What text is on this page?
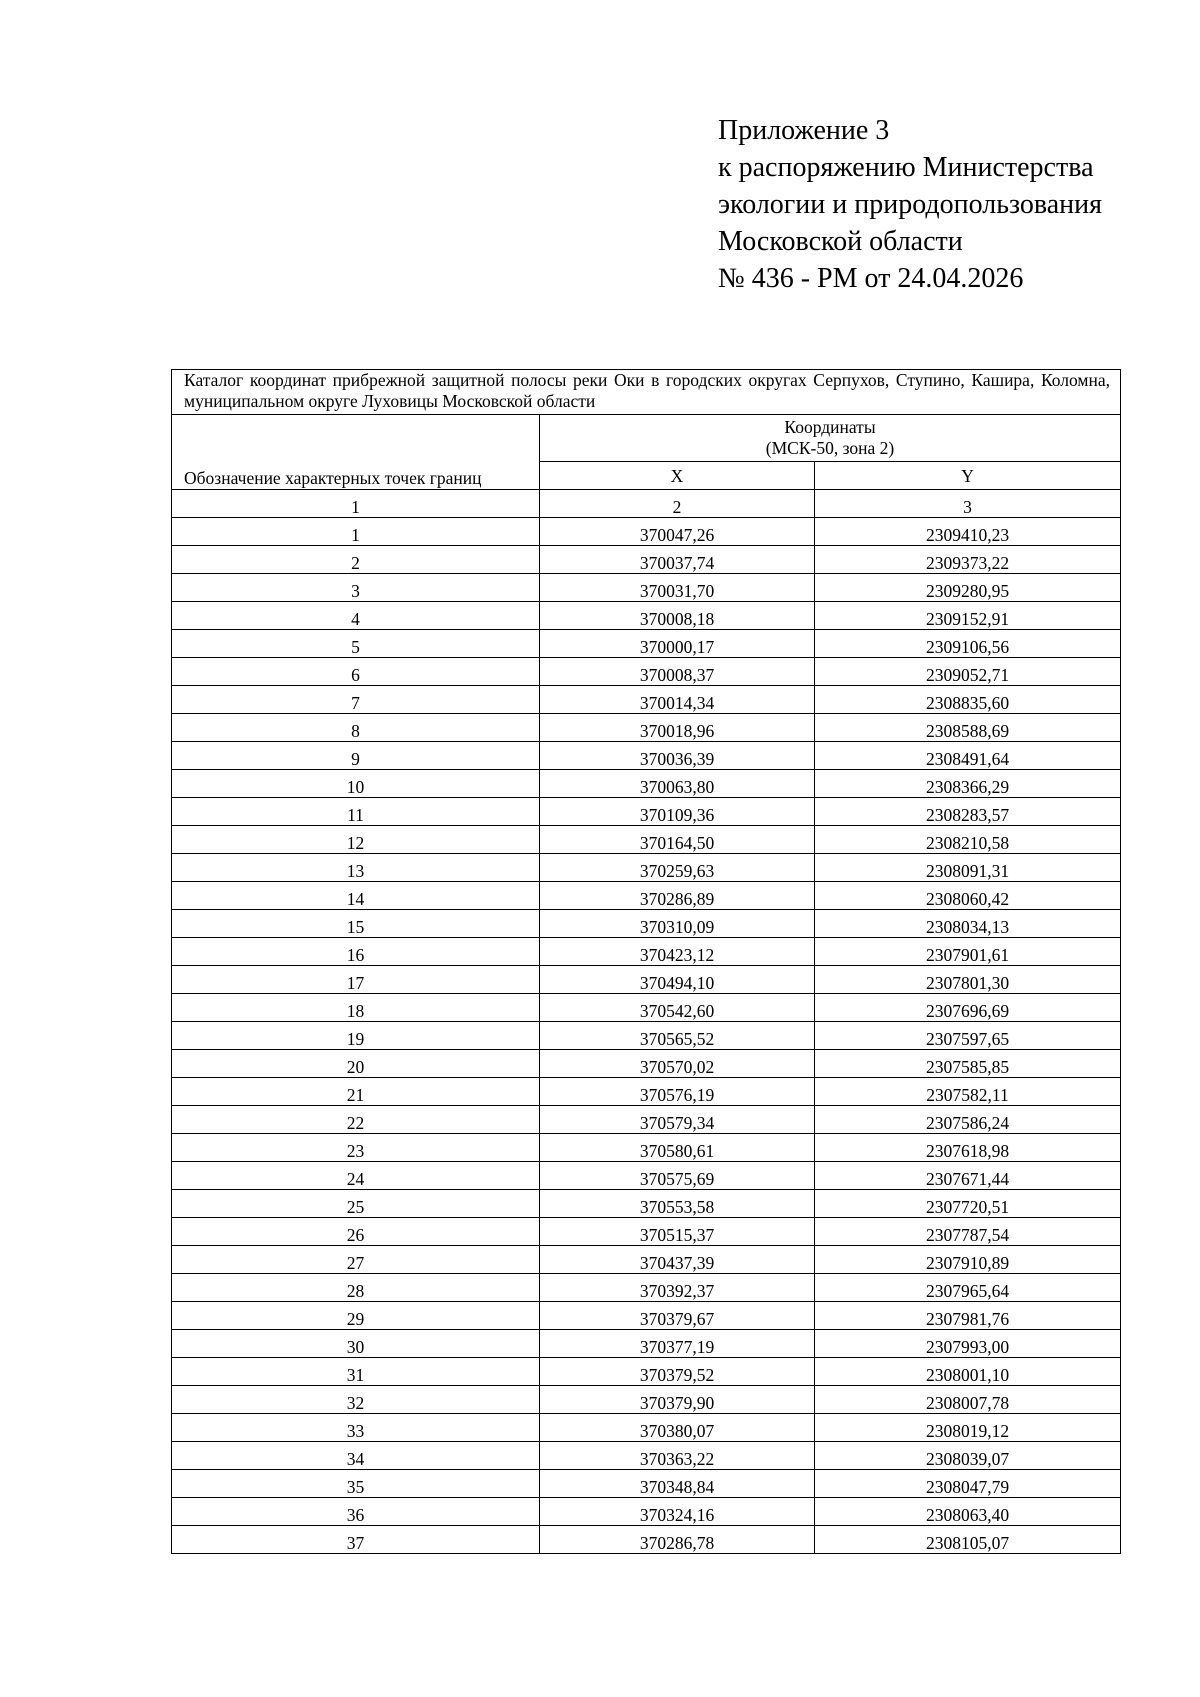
Приложение 3
к распоряжению Министерства
экологии и природопользования
Московской области
№ 436 - РМ от 24.04.2026
Каталог координат прибрежной защитной полосы реки Оки в городских округах Серпухов, Ступино, Кашира, Коломна, муниципальном округе Луховицы Московской области		
Обозначение характерных точек границ	Координаты
(МСК-50, зона 2)	

	X	Y
1	2	3
1	370047,26	2309410,23
2	370037,74	2309373,22
3	370031,70	2309280,95
4	370008,18	2309152,91
5	370000,17	2309106,56
6	370008,37	2309052,71
7	370014,34	2308835,60
8	370018,96	2308588,69
9	370036,39	2308491,64
10	370063,80	2308366,29
11	370109,36	2308283,57
12	370164,50	2308210,58
13	370259,63	2308091,31
14	370286,89	2308060,42
15	370310,09	2308034,13
16	370423,12	2307901,61
17	370494,10	2307801,30
18	370542,60	2307696,69
19	370565,52	2307597,65
20	370570,02	2307585,85
21	370576,19	2307582,11
22	370579,34	2307586,24
23	370580,61	2307618,98
24	370575,69	2307671,44
25	370553,58	2307720,51
26	370515,37	2307787,54
27	370437,39	2307910,89
28	370392,37	2307965,64
29	370379,67	2307981,76
30	370377,19	2307993,00
31	370379,52	2308001,10
32	370379,90	2308007,78
33	370380,07	2308019,12
34	370363,22	2308039,07
35	370348,84	2308047,79
36	370324,16	2308063,40
37	370286,78	2308105,07
